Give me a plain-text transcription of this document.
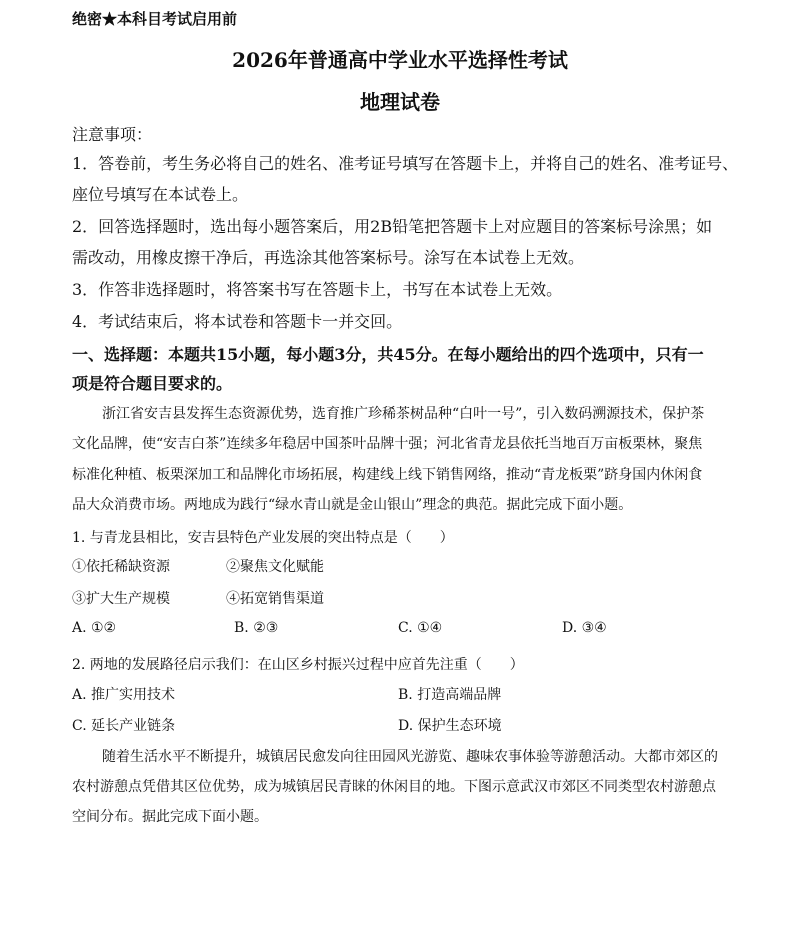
绝密★本科目考试启用前
2026年普通高中学业水平选择性考试
地理试卷
注意事项：
1．答卷前，考生务必将自己的姓名、准考证号填写在答题卡上，并将自己的姓名、准考证号、
座位号填写在本试卷上。
2．回答选择题时，选出每小题答案后，用2B铅笔把答题卡上对应题目的答案标号涂黑；如
需改动，用橡皮擦干净后，再选涂其他答案标号。涂写在本试卷上无效。
3．作答非选择题时，将答案书写在答题卡上，书写在本试卷上无效。
4．考试结束后，将本试卷和答题卡一并交回。
一、选择题：本题共15小题，每小题3分，共45分。在每小题给出的四个选项中，只有一
项是符合题目要求的。
浙江省安吉县发挥生态资源优势，选育推广珍稀茶树品种“白叶一号”，引入数码溯源技术，保护茶
文化品牌，使“安吉白茶”连续多年稳居中国茶叶品牌十强；河北省青龙县依托当地百万亩板栗林，聚焦
标准化种植、板栗深加工和品牌化市场拓展，构建线上线下销售网络，推动“青龙板栗”跻身国内休闲食
品大众消费市场。两地成为践行“绿水青山就是金山银山”理念的典范。据此完成下面小题。
1. 与青龙县相比，安吉县特色产业发展的突出特点是（　　）
①依托稀缺资源	②聚焦文化赋能
③扩大生产规模	④拓宽销售渠道
A. ①②	B. ②③	C. ①④	D. ③④
2. 两地的发展路径启示我们：在山区乡村振兴过程中应首先注重（　　）
A. 推广实用技术	B. 打造高端品牌
C. 延长产业链条	D. 保护生态环境
随着生活水平不断提升，城镇居民愈发向往田园风光游览、趣味农事体验等游憩活动。大都市郊区的
农村游憩点凭借其区位优势，成为城镇居民青睐的休闲目的地。下图示意武汉市郊区不同类型农村游憩点
空间分布。据此完成下面小题。
